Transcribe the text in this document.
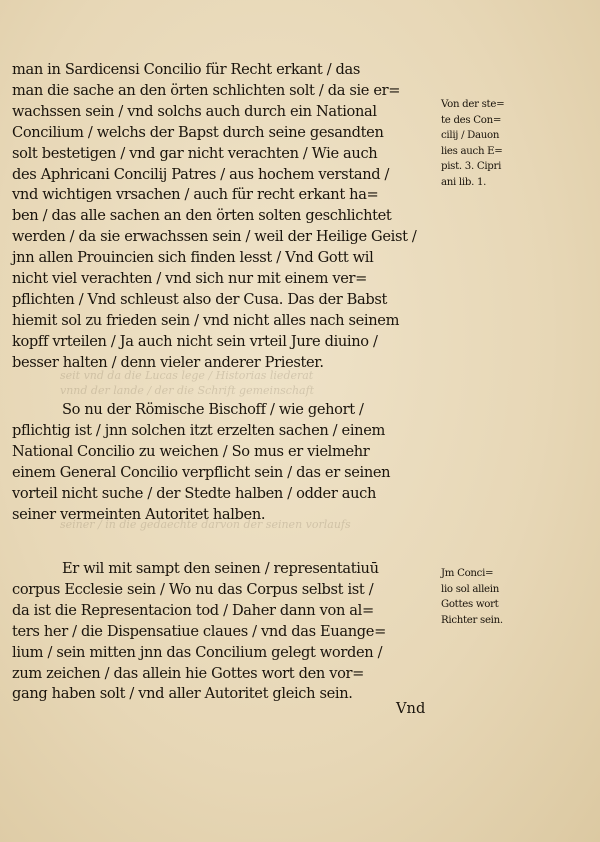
seit vnd da die Lucas lege / Historias liederat
vnnd der lande / der die Schrift gemeinschaft
seiner / in die gedaechte darvon der seinen vorlaufs
man in Sardicensi Concilio für Recht erkant / das
man die sache an den örten schlichten solt / da sie er=
wachssen sein / vnd solchs auch durch ein National
Concilium / welchs der Bapst durch seine gesandten
solt bestetigen / vnd gar nicht verachten / Wie auch
des Aphricani Concilij Patres / aus hochem verstand /
vnd wichtigen vrsachen / auch für recht erkant ha=
ben / das alle sachen an den örten solten geschlichtet
werden / da sie erwachssen sein / weil der Heilige Geist /
jnn allen Prouincien sich finden lesst / Vnd Gott wil
nicht viel verachten / vnd sich nur mit einem ver=
pflichten / Vnd schleust also der Cusa. Das der Babst
hiemit sol zu frieden sein / vnd nicht alles nach seinem
kopff vrteilen / Ja auch nicht sein vrteil Jure diuino /
besser halten / denn vieler anderer Priester.
Von der ste=
te des Con=
cilij / Dauon
lies auch E=
pist. 3. Cipri
ani lib. 1.
So nu der Römische Bischoff / wie gehort /
pflichtig ist / jnn solchen itzt erzelten sachen / einem
National Concilio zu weichen / So mus er vielmehr
einem General Concilio verpflicht sein / das er seinen
vorteil nicht suche / der Stedte halben / odder auch
seiner vermeinten Autoritet halben.
Er wil mit sampt den seinen / representatiuū
corpus Ecclesie sein / Wo nu das Corpus selbst ist /
da ist die Representacion tod / Daher dann von al=
ters her / die Dispensatiue claues / vnd das Euange=
lium / sein mitten jnn das Concilium gelegt worden /
zum zeichen / das allein hie Gottes wort den vor=
gang haben solt / vnd aller Autoritet gleich sein.
Jm Conci=
lio sol allein
Gottes wort
Richter sein.
Vnd
